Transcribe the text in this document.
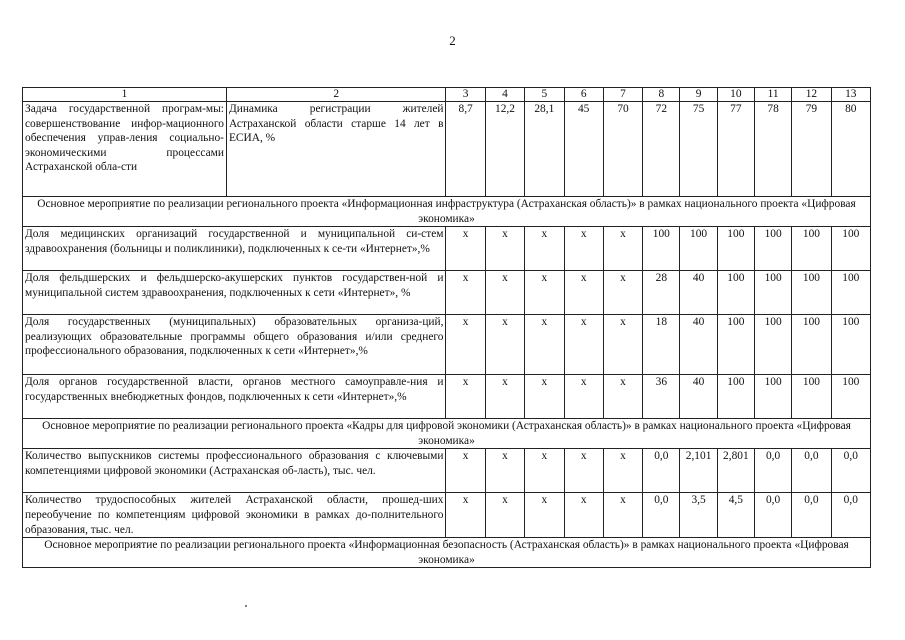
2
1	2	3	4	5	6	7	8	9	10	11	12	13
Задача государственной програм-мы: совершенствование инфор-мационного обеспечения управ-ления социально-экономическими процессами Астраханской обла-сти	Динамика регистрации жителей Астраханской области старше 14 лет в ЕСИА, %	8,7	12,2	28,1	45	70	72	75	77	78	79	80
Основное мероприятие по реализации регионального проекта «Информационная инфраструктура (Астраханская область)» в рамках национального проекта «Цифровая экономика»												
Доля медицинских организаций государственной и муниципальной си-стем здравоохранения (больницы и поликлиники), подключенных к се-ти «Интернет»,%		x	x	x	x	x	100	100	100	100	100	100
Доля фельдшерских и фельдшерско-акушерских пунктов государствен-ной и муниципальной систем здравоохранения, подключенных к сети «Интернет», %		x	x	x	x	x	28	40	100	100	100	100
Доля государственных (муниципальных) образовательных организа-ций, реализующих образовательные программы общего образования и/или среднего профессионального образования, подключенных к сети «Интернет»,%		x	x	x	x	x	18	40	100	100	100	100
Доля органов государственной власти, органов местного самоуправле-ния и государственных внебюджетных фондов, подключенных к сети «Интернет»,%		x	x	x	x	x	36	40	100	100	100	100
Основное мероприятие по реализации регионального проекта «Кадры для цифровой экономики (Астраханская область)» в рамках национального проекта «Цифровая экономика»												
Количество выпускников системы профессионального образования с ключевыми компетенциями цифровой экономики (Астраханская об-ласть), тыс. чел.		x	x	x	x	x	0,0	2,101	2,801	0,0	0,0	0,0
Количество трудоспособных жителей Астраханской области, прошед-ших переобучение по компетенциям цифровой экономики в рамках до-полнительного образования, тыс. чел.		x	x	x	x	x	0,0	3,5	4,5	0,0	0,0	0,0
Основное мероприятие по реализации регионального проекта «Информационная безопасность (Астраханская область)» в рамках национального проекта «Цифровая экономика»												
